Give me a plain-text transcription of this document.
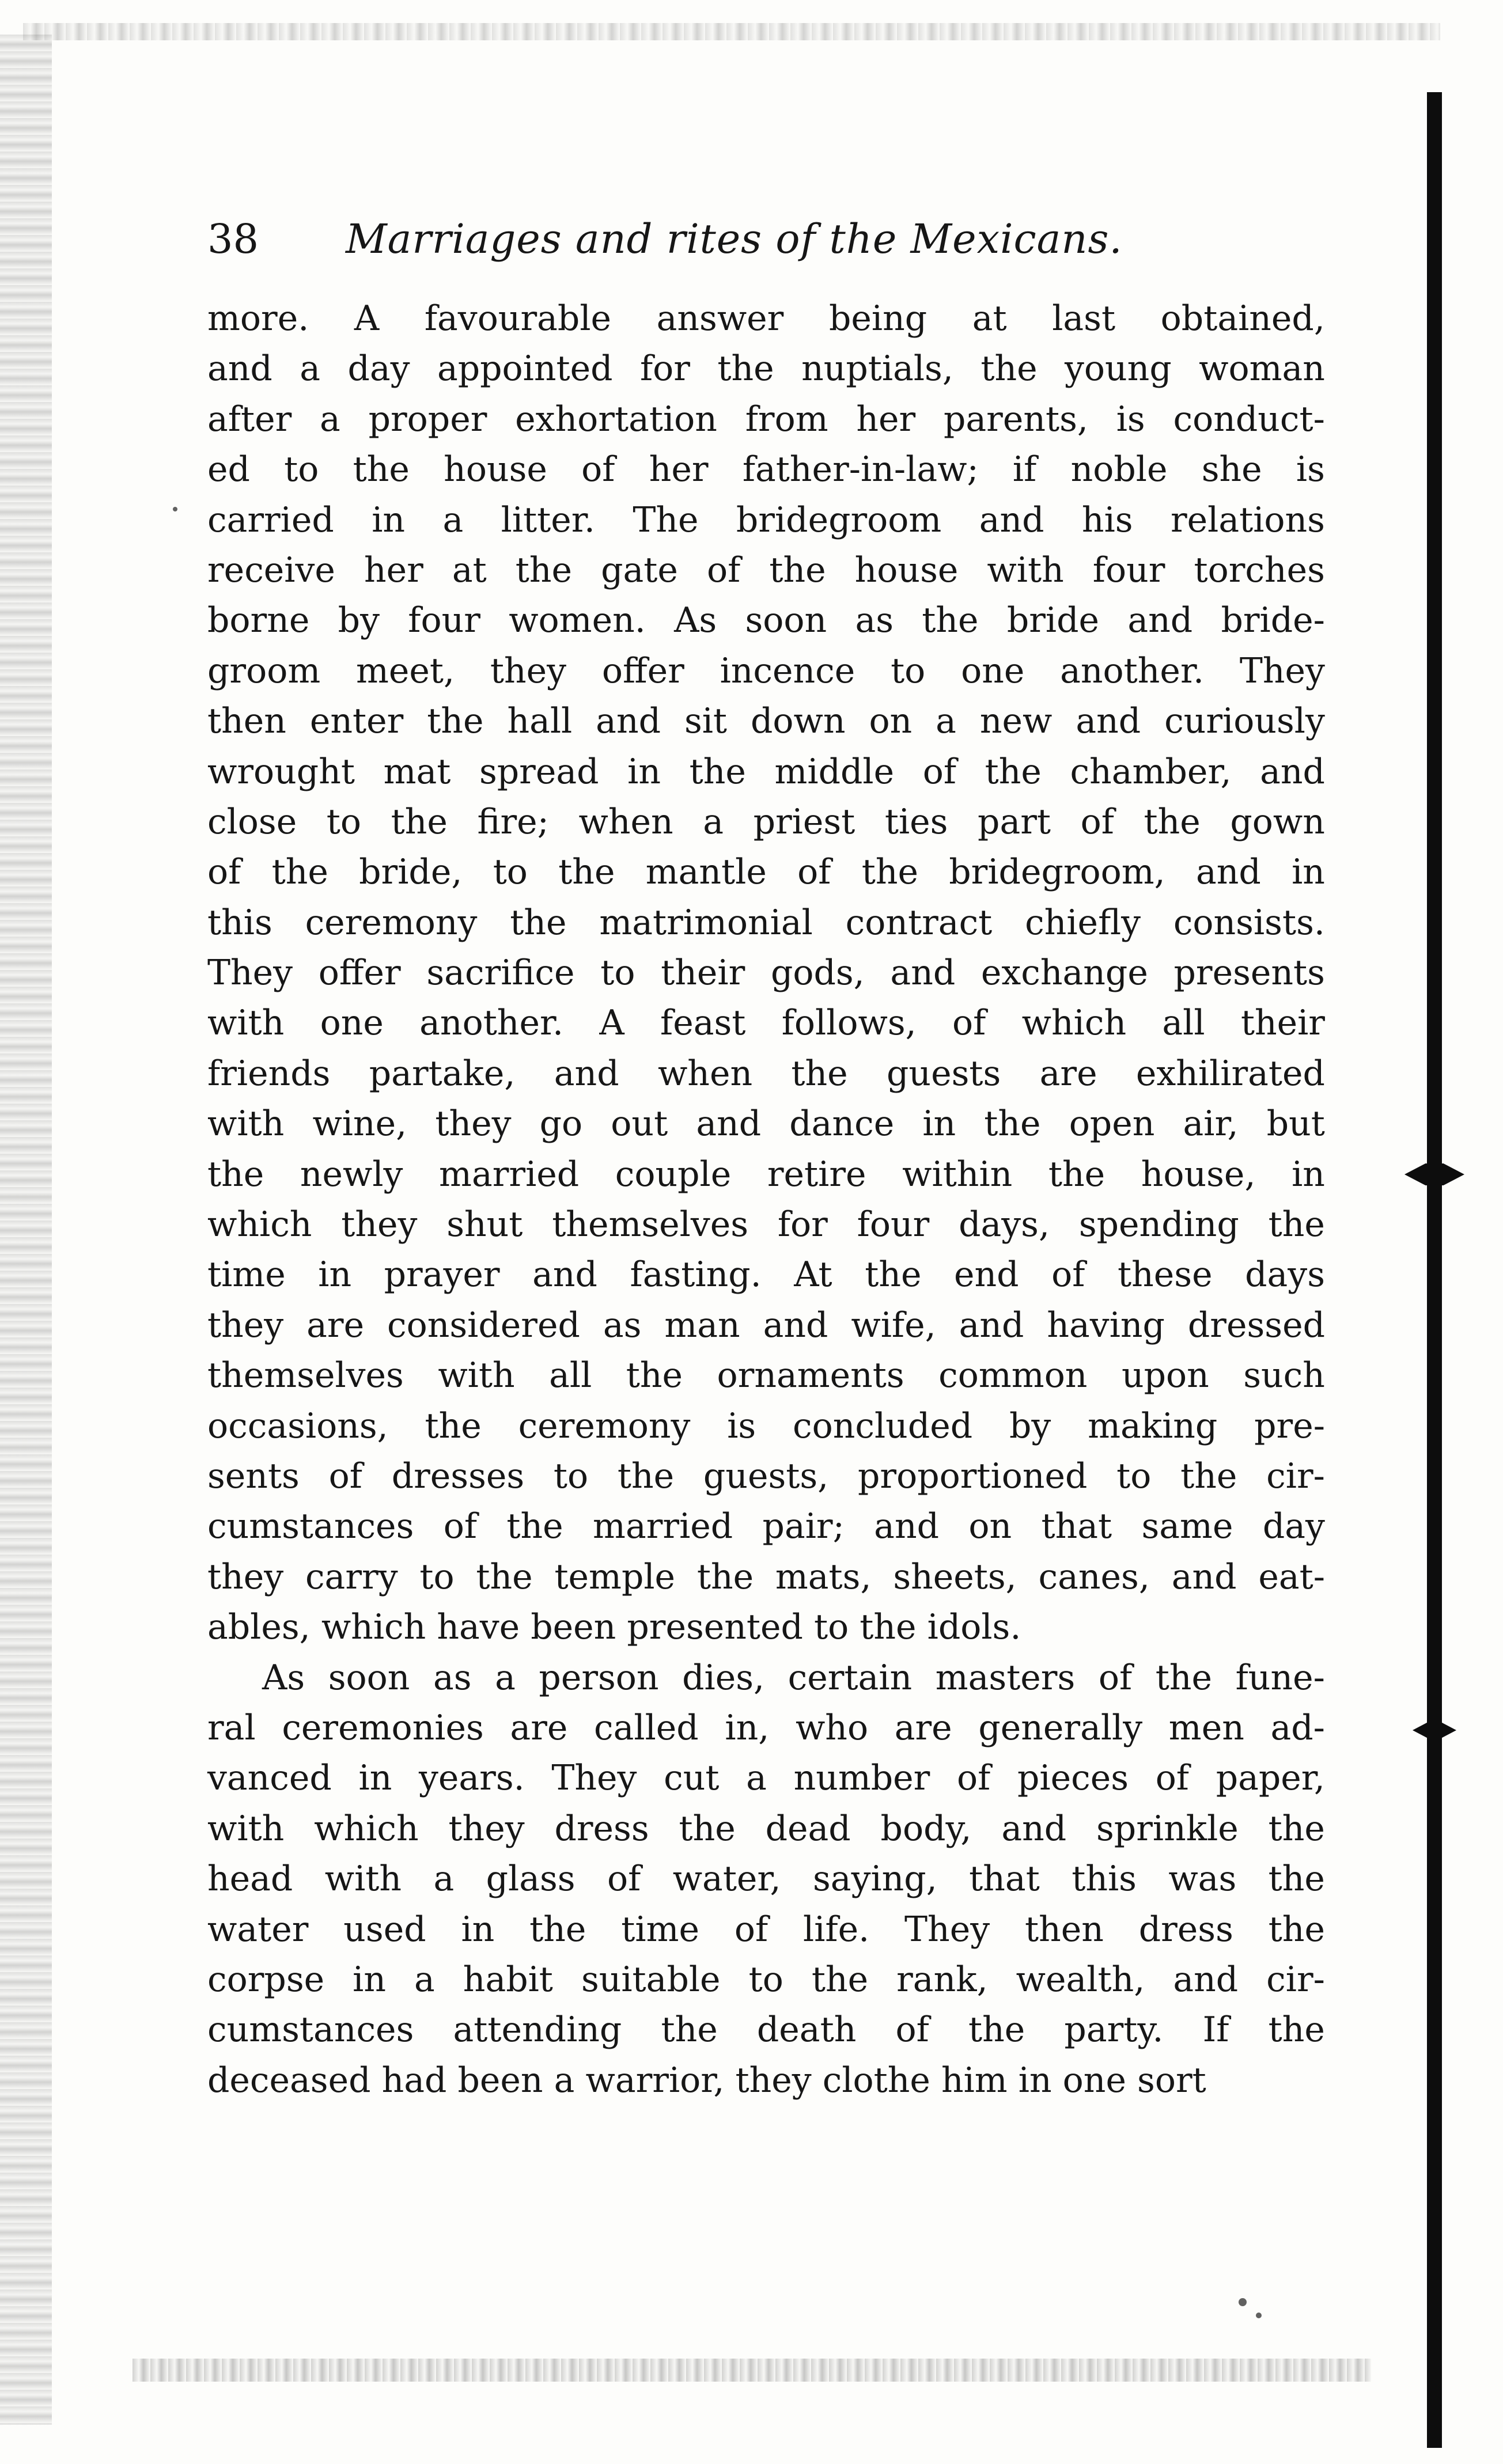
38 Marriages and rites of the Mexicans.
more. A favourable answer being at last obtained,
and a day appointed for the nuptials, the young woman
after a proper exhortation from her parents, is conduct-
ed to the house of her father-in-law; if noble she is
carried in a litter. The bridegroom and his relations
receive her at the gate of the house with four torches
borne by four women. As soon as the bride and bride-
groom meet, they offer incence to one another. They
then enter the hall and sit down on a new and curiously
wrought mat spread in the middle of the chamber, and
close to the fire; when a priest ties part of the gown
of the bride, to the mantle of the bridegroom, and in
this ceremony the matrimonial contract chiefly consists.
They offer sacrifice to their gods, and exchange presents
with one another. A feast follows, of which all their
friends partake, and when the guests are exhilirated
with wine, they go out and dance in the open air, but
the newly married couple retire within the house, in
which they shut themselves for four days, spending the
time in prayer and fasting. At the end of these days
they are considered as man and wife, and having dressed
themselves with all the ornaments common upon such
occasions, the ceremony is concluded by making pre-
sents of dresses to the guests, proportioned to the cir-
cumstances of the married pair; and on that same day
they carry to the temple the mats, sheets, canes, and eat-
ables, which have been presented to the idols.
As soon as a person dies, certain masters of the fune-
ral ceremonies are called in, who are generally men ad-
vanced in years. They cut a number of pieces of paper,
with which they dress the dead body, and sprinkle the
head with a glass of water, saying, that this was the
water used in the time of life. They then dress the
corpse in a habit suitable to the rank, wealth, and cir-
cumstances attending the death of the party. If the
deceased had been a warrior, they clothe him in one sort
